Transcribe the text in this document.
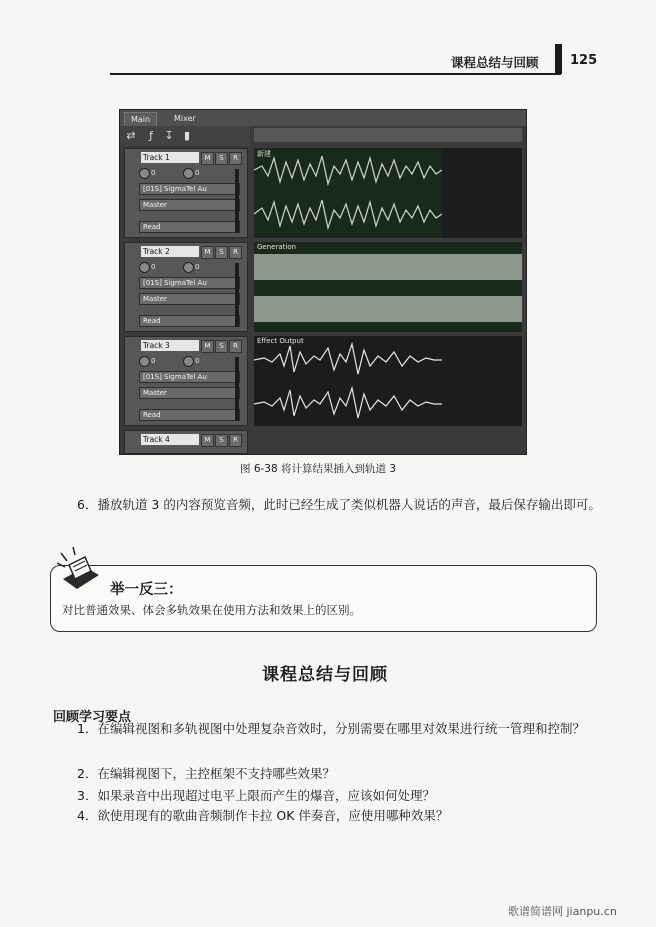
课程总结与回顾 125
Main	Mixer
⇄	ƒ	↧ ▮
Track 1	M	S	R
0	0
[01S] SigmaTel Au
Master
Read
Track 2	M	S	R
0	0
[01S] SigmaTel Au
Master
Read
Track 3	M	S	R
0	0
[01S] SigmaTel Au
Master
Read
Track 4	M	S	R
新建
Generation
Effect Output
图 6-38 将计算结果插入到轨道 3
6．播放轨道 3 的内容预览音频，此时已经生成了类似机器人说话的声音，最后保存输出即可。
举一反三：
对比普通效果、体会多轨效果在使用方法和效果上的区别。
课程总结与回顾
回顾学习要点
1．在编辑视图和多轨视图中处理复杂音效时，分别需要在哪里对效果进行统一管理和控制？
2．在编辑视图下，主控框架不支持哪些效果？
3．如果录音中出现超过电平上限而产生的爆音，应该如何处理？
4．欲使用现有的歌曲音频制作卡拉 OK 伴奏音，应使用哪种效果？
歌谱简谱网 jianpu.cn
